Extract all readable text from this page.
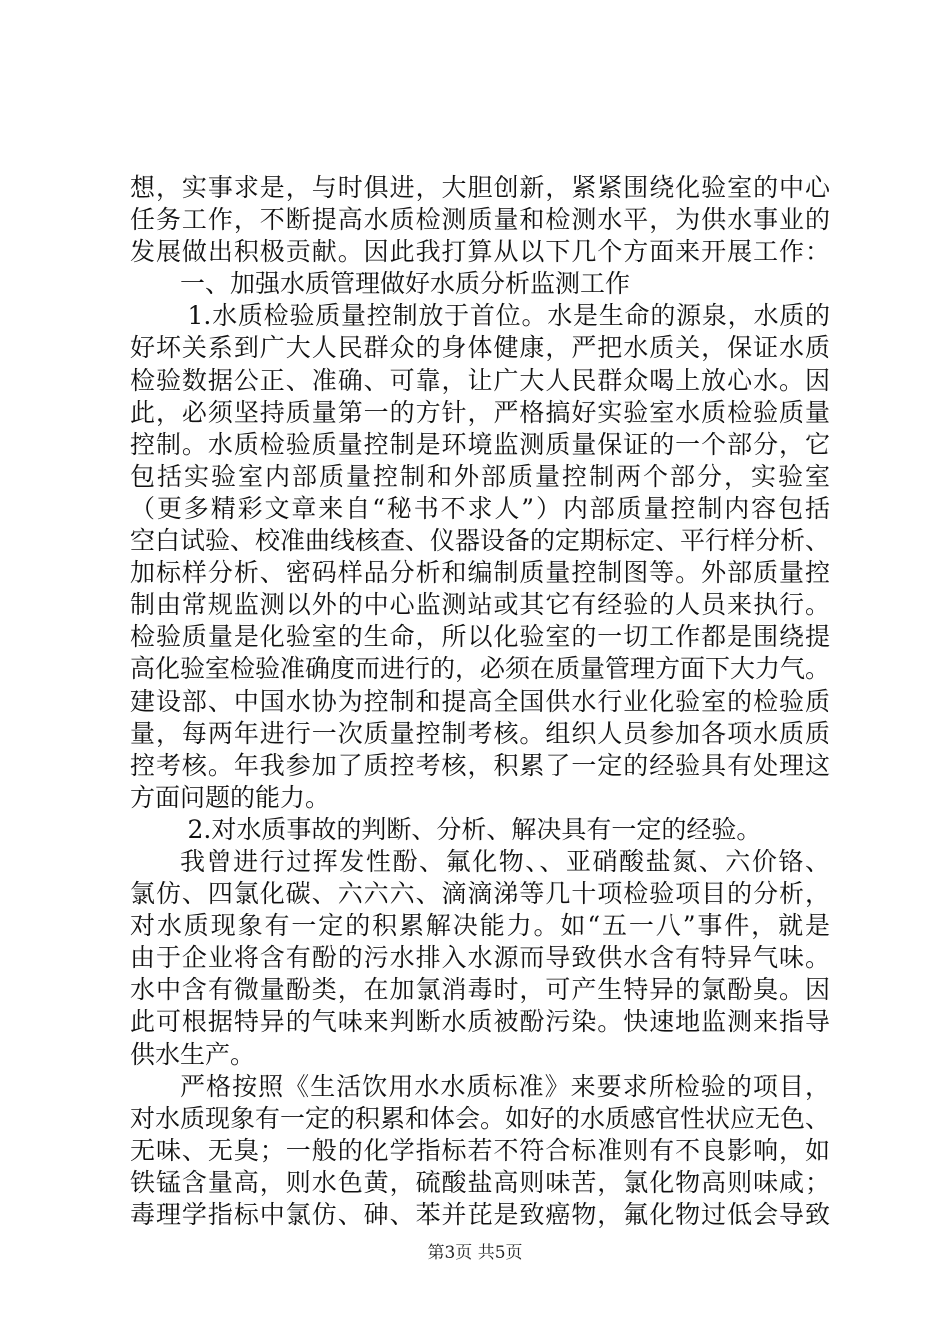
想，实事求是，与时俱进，大胆创新，紧紧围绕化验室的中心
任务工作，不断提高水质检测质量和检测水平，为供水事业的
发展做出积极贡献。因此我打算从以下几个方面来开展工作：
一、加强水质管理做好水质分析监测工作
1.水质检验质量控制放于首位。水是生命的源泉，水质的
好坏关系到广大人民群众的身体健康，严把水质关，保证水质
检验数据公正、准确、可靠，让广大人民群众喝上放心水。因
此，必须坚持质量第一的方针，严格搞好实验室水质检验质量
控制。水质检验质量控制是环境监测质量保证的一个部分，它
包括实验室内部质量控制和外部质量控制两个部分，实验室
（更多精彩文章来自“秘书不求人”）内部质量控制内容包括
空白试验、校准曲线核查、仪器设备的定期标定、平行样分析、
加标样分析、密码样品分析和编制质量控制图等。外部质量控
制由常规监测以外的中心监测站或其它有经验的人员来执行。
检验质量是化验室的生命，所以化验室的一切工作都是围绕提
高化验室检验准确度而进行的，必须在质量管理方面下大力气。
建设部、中国水协为控制和提高全国供水行业化验室的检验质
量，每两年进行一次质量控制考核。组织人员参加各项水质质
控考核。年我参加了质控考核，积累了一定的经验具有处理这
方面问题的能力。
2.对水质事故的判断、分析、解决具有一定的经验。
我曾进行过挥发性酚、氟化物、、亚硝酸盐氮、六价铬、
氯仿、四氯化碳、六六六、滴滴涕等几十项检验项目的分析，
对水质现象有一定的积累解决能力。如“五一八”事件，就是
由于企业将含有酚的污水排入水源而导致供水含有特异气味。
水中含有微量酚类，在加氯消毒时，可产生特异的氯酚臭。因
此可根据特异的气味来判断水质被酚污染。快速地监测来指导
供水生产。
严格按照《生活饮用水水质标准》来要求所检验的项目，
对水质现象有一定的积累和体会。如好的水质感官性状应无色、
无味、无臭；一般的化学指标若不符合标准则有不良影响，如
铁锰含量高，则水色黄，硫酸盐高则味苦，氯化物高则味咸；
毒理学指标中氯仿、砷、苯并芘是致癌物，氟化物过低会导致
第3页 共5页
